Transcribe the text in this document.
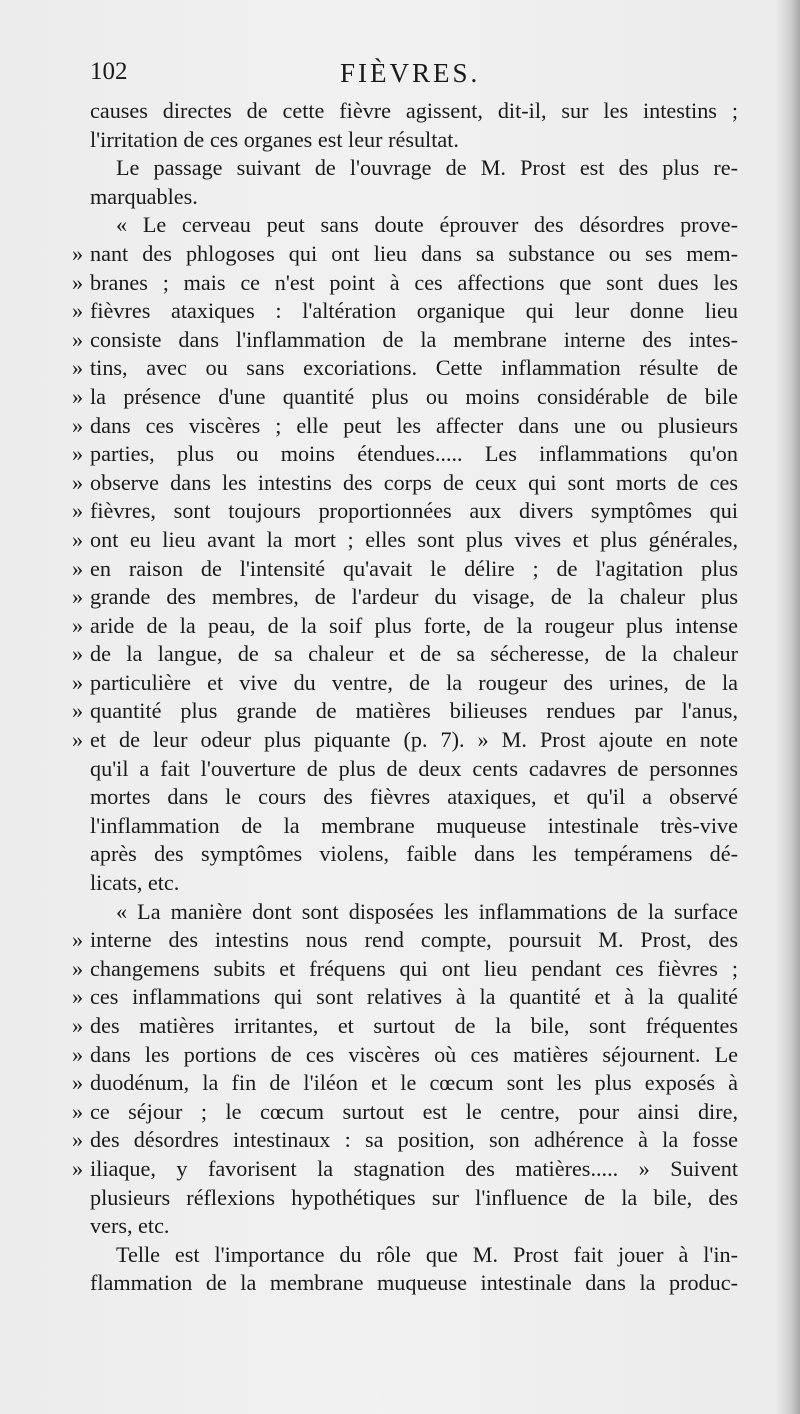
102	FIÈVRES.
causes directes de cette fièvre agissent, dit-il, sur les intestins ;
l'irritation de ces organes est leur résultat.
Le passage suivant de l'ouvrage de M. Prost est des plus re-
marquables.
« Le cerveau peut sans doute éprouver des désordres prove-
» nant des phlogoses qui ont lieu dans sa substance ou ses mem-
» branes ; mais ce n'est point à ces affections que sont dues les
» fièvres ataxiques : l'altération organique qui leur donne lieu
» consiste dans l'inflammation de la membrane interne des intes-
» tins, avec ou sans excoriations. Cette inflammation résulte de
» la présence d'une quantité plus ou moins considérable de bile
» dans ces viscères ; elle peut les affecter dans une ou plusieurs
» parties, plus ou moins étendues..... Les inflammations qu'on
» observe dans les intestins des corps de ceux qui sont morts de ces
» fièvres, sont toujours proportionnées aux divers symptômes qui
» ont eu lieu avant la mort ; elles sont plus vives et plus générales,
» en raison de l'intensité qu'avait le délire ; de l'agitation plus
» grande des membres, de l'ardeur du visage, de la chaleur plus
» aride de la peau, de la soif plus forte, de la rougeur plus intense
» de la langue, de sa chaleur et de sa sécheresse, de la chaleur
» particulière et vive du ventre, de la rougeur des urines, de la
» quantité plus grande de matières bilieuses rendues par l'anus,
» et de leur odeur plus piquante (p. 7). » M. Prost ajoute en note
qu'il a fait l'ouverture de plus de deux cents cadavres de personnes
mortes dans le cours des fièvres ataxiques, et qu'il a observé
l'inflammation de la membrane muqueuse intestinale très-vive
après des symptômes violens, faible dans les tempéramens dé-
licats, etc.
« La manière dont sont disposées les inflammations de la surface
» interne des intestins nous rend compte, poursuit M. Prost, des
» changemens subits et fréquens qui ont lieu pendant ces fièvres ;
» ces inflammations qui sont relatives à la quantité et à la qualité
» des matières irritantes, et surtout de la bile, sont fréquentes
» dans les portions de ces viscères où ces matières séjournent. Le
» duodénum, la fin de l'iléon et le cœcum sont les plus exposés à
» ce séjour ; le cœcum surtout est le centre, pour ainsi dire,
» des désordres intestinaux : sa position, son adhérence à la fosse
» iliaque, y favorisent la stagnation des matières..... » Suivent
plusieurs réflexions hypothétiques sur l'influence de la bile, des
vers, etc.
Telle est l'importance du rôle que M. Prost fait jouer à l'in-
flammation de la membrane muqueuse intestinale dans la produc-
